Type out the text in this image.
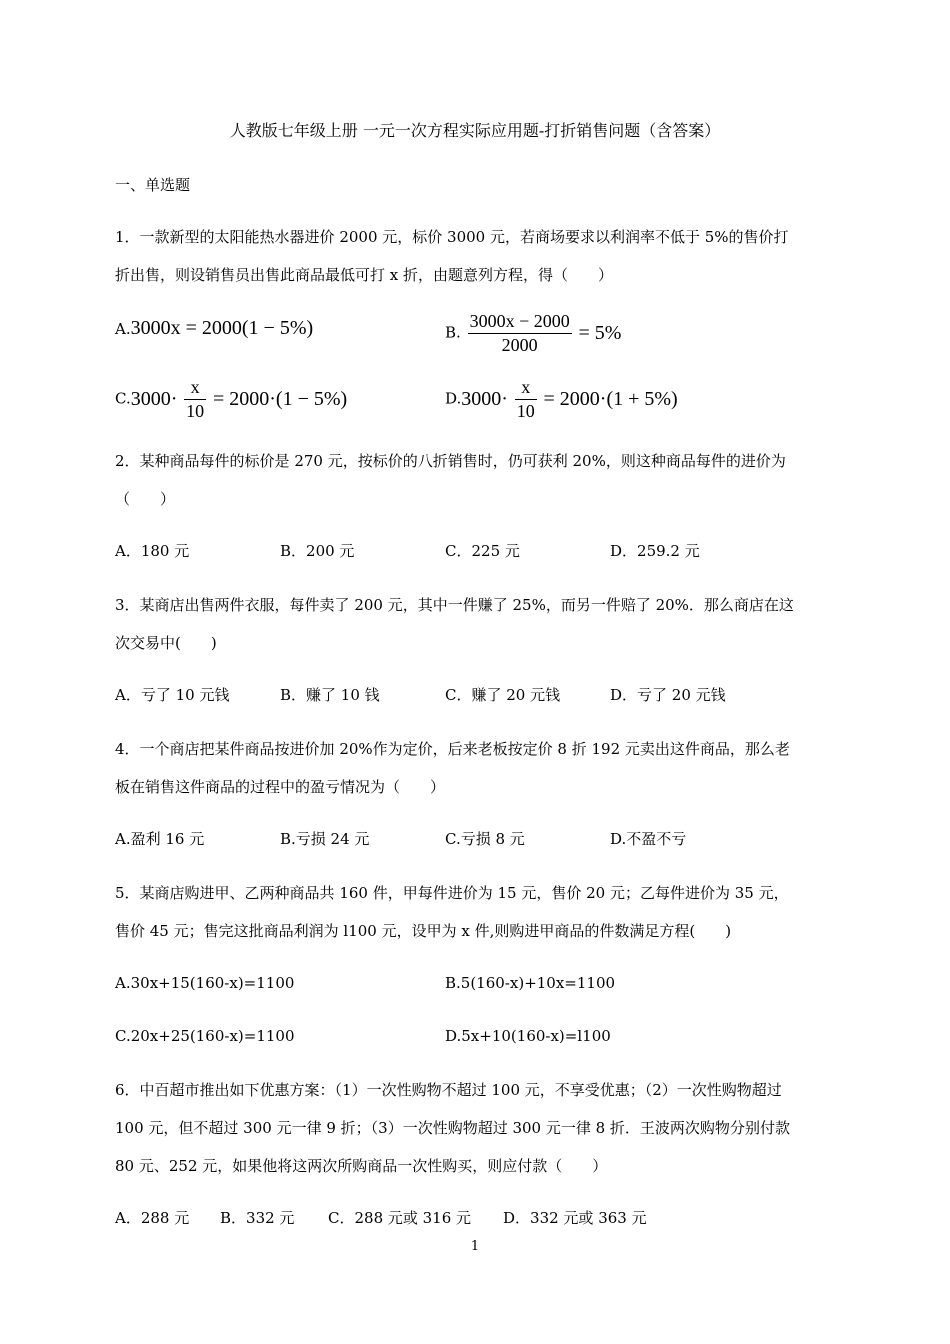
人教版七年级上册 一元一次方程实际应用题-打折销售问题（含答案）
一、单选题
1．一款新型的太阳能热水器进价 2000 元，标价 3000 元，若商场要求以利润率不低于 5%的售价打
折出售，则设销售员出售此商品最低可打 x 折，由题意列方程，得（　　）
A.3000x = 2000(1 − 5%)	B. $\frac{3000x - 2000}{2000} = 5\%$
$C.3000\cdot \frac{x}{10} = 2000\cdot(1 - 5\%)$	$D.3000\cdot \frac{x}{10} = 2000\cdot(1 + 5\%)$
2．某种商品每件的标价是 270 元，按标价的八折销售时，仍可获利 20%，则这种商品每件的进价为
（　　）
A．180 元	B．200 元	C．225 元	D．259.2 元
3．某商店出售两件衣服，每件卖了 200 元，其中一件赚了 25%，而另一件赔了 20%．那么商店在这
次交易中(　　)
A．亏了 10 元钱	B．赚了 10 钱	C．赚了 20 元钱	D．亏了 20 元钱
4．一个商店把某件商品按进价加 20%作为定价，后来老板按定价 8 折 192 元卖出这件商品，那么老
板在销售这件商品的过程中的盈亏情况为（　　）
A.盈利 16 元	B.亏损 24 元	C.亏损 8 元	D.不盈不亏
5．某商店购进甲、乙两种商品共 160 件，甲每件进价为 15 元，售价 20 元；乙每件进价为 35 元，
售价 45 元；售完这批商品利润为 l100 元，设甲为 x 件,则购进甲商品的件数满足方程(　　)
A.30x+15(160-x)=1100	B.5(160-x)+10x=1100
C.20x+25(160-x)=1100	D.5x+10(160-x)=l100
6．中百超市推出如下优惠方案：（1）一次性购物不超过 100 元，不享受优惠；（2）一次性购物超过
100 元，但不超过 300 元一律 9 折；（3）一次性购物超过 300 元一律 8 折．王波两次购物分别付款
80 元、252 元，如果他将这两次所购商品一次性购买，则应付款（　　）
A．288 元 B．332 元 C．288 元或 316 元 D．332 元或 363 元
1
